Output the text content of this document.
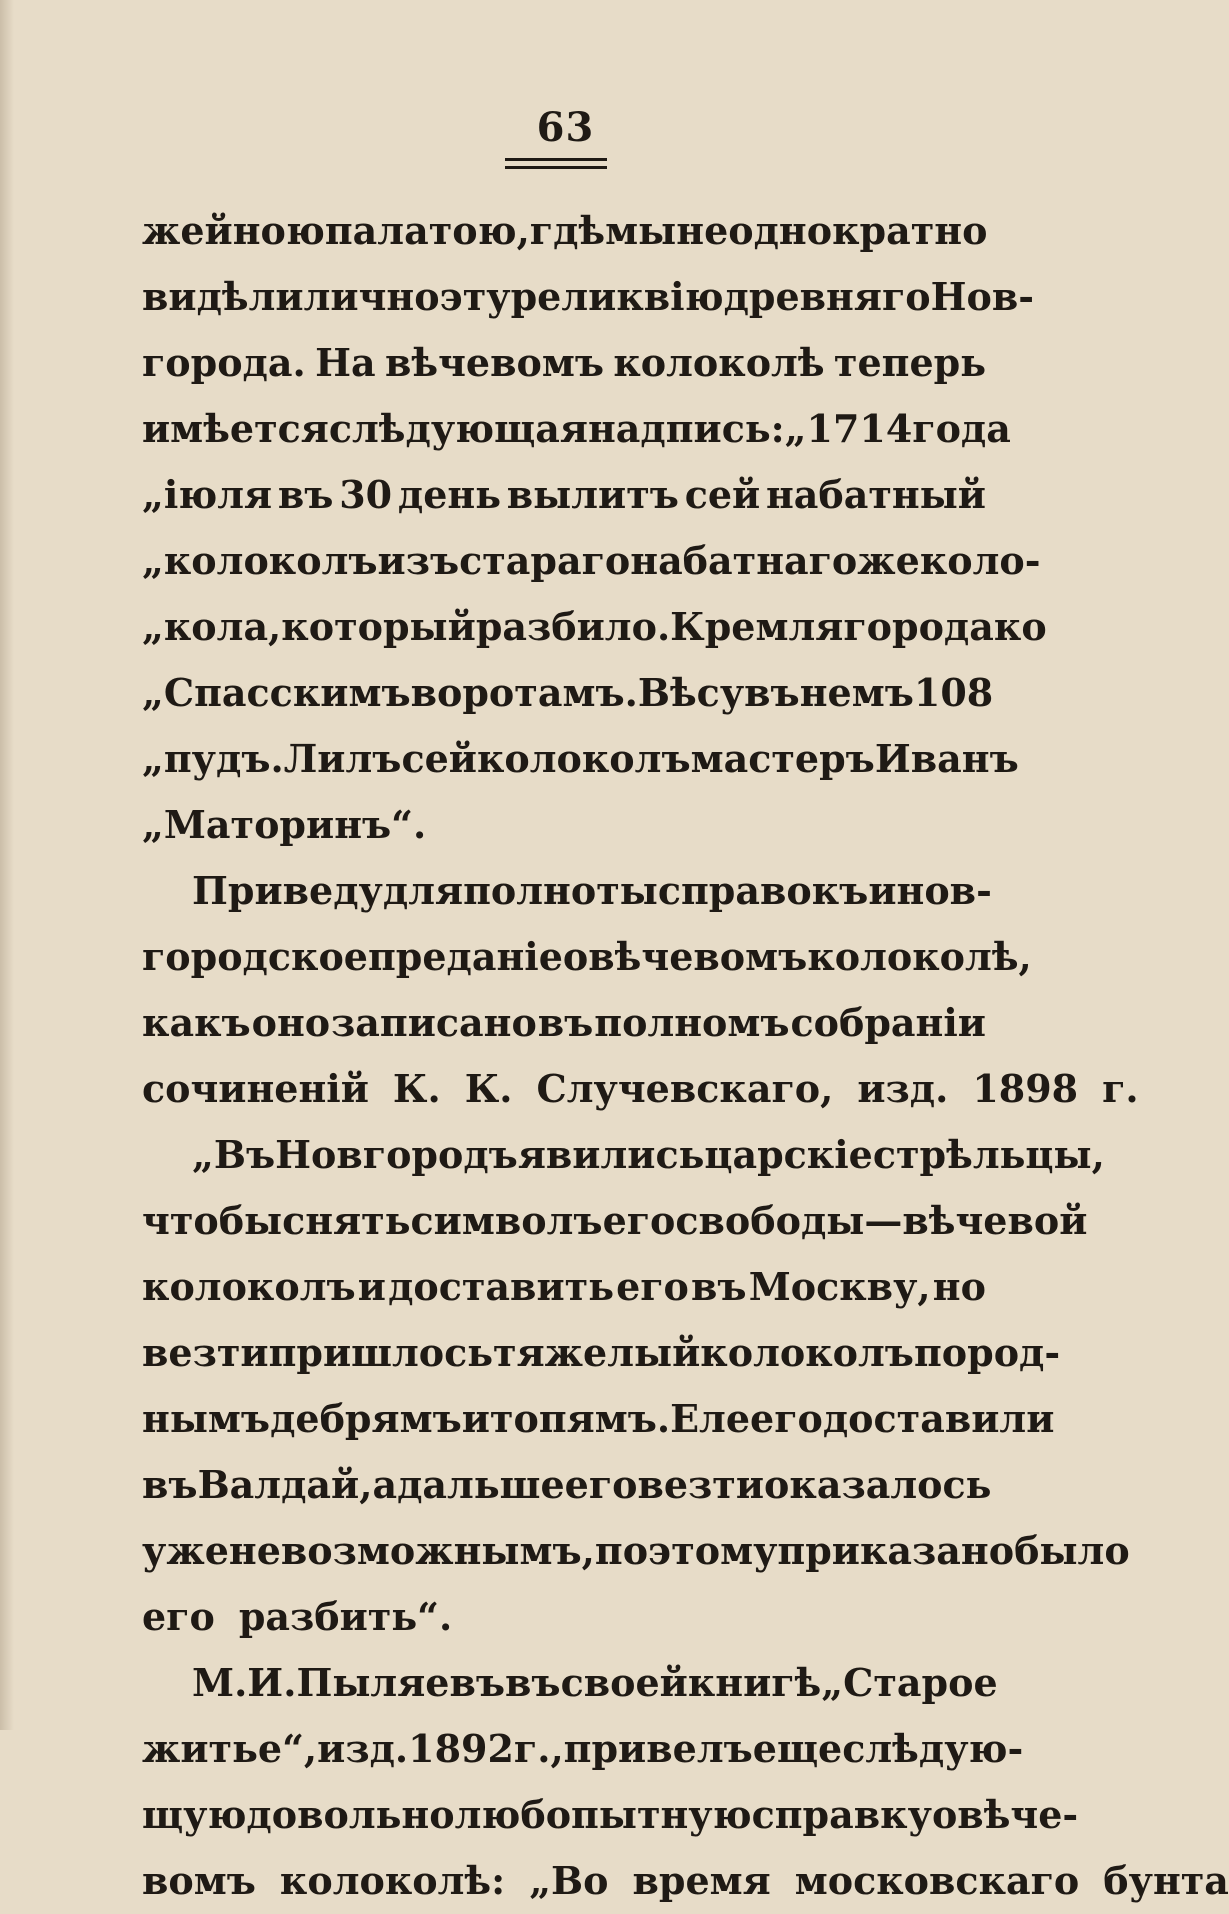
63
жейною палатою, гдѣ мы неоднократно
видѣли лично эту реликвію древняго Нов-
города. На вѣчевомъ колоколѣ теперь
имѣется слѣдующая надпись: „1714 года
„іюля въ 30 день вылитъ сей набатный
„колоколъ изъ стараго набатнаго же коло-
„кола, который разбило. Кремля города ко
„Спасскимъ воротамъ. Вѣсу въ немъ 108
„пудъ. Лилъ сей колоколъ мастеръ Иванъ
„Маторинъ“.
Приведу для полноты справокъ и нов-
городское преданіе о вѣчевомъ колоколѣ,
какъ оно записано въ полномъ собраніи
сочиненій К. К. Случевскаго, изд. 1898 г.
„Въ Новгородъ явились царскіе стрѣльцы,
чтобы снять символъ его свободы—вѣчевой
колоколъ и доставить его въ Москву, но
везти пришлось тяжелый колоколъ по род-
нымъ дебрямъ и топямъ. Еле его доставили
въ Валдай, а дальше его везти оказалось
уже невозможнымъ, поэтому приказано было
его разбить“.
М. И. Пыляевъ въ своей книгѣ „Старое
житье“, изд. 1892 г., привелъ еще слѣдую-
щую довольно любопытную справку о вѣче-
вомъ колоколѣ: „Во время московскаго бунта
